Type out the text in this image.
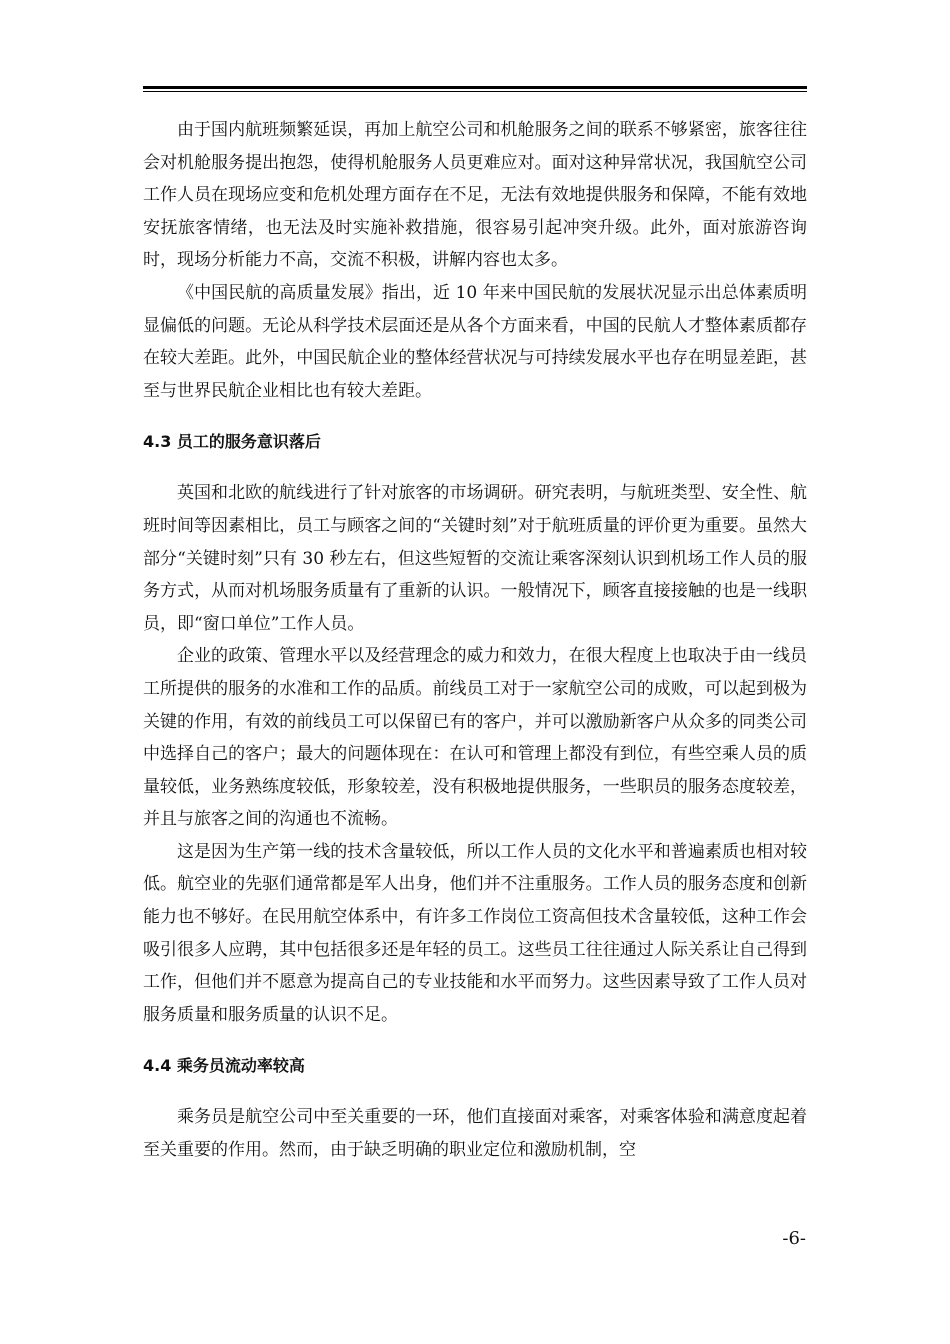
由于国内航班频繁延误，再加上航空公司和机舱服务之间的联系不够紧密，旅客往往会对机舱服务提出抱怨，使得机舱服务人员更难应对。面对这种异常状况，我国航空公司工作人员在现场应变和危机处理方面存在不足，无法有效地提供服务和保障，不能有效地安抚旅客情绪，也无法及时实施补救措施，很容易引起冲突升级。此外，面对旅游咨询时，现场分析能力不高，交流不积极，讲解内容也太多。

《中国民航的高质量发展》指出，近 10 年来中国民航的发展状况显示出总体素质明显偏低的问题。无论从科学技术层面还是从各个方面来看，中国的民航人才整体素质都存在较大差距。此外，中国民航企业的整体经营状况与可持续发展水平也存在明显差距，甚至与世界民航企业相比也有较大差距。

4.3 员工的服务意识落后

英国和北欧的航线进行了针对旅客的市场调研。研究表明，与航班类型、安全性、航班时间等因素相比，员工与顾客之间的“关键时刻”对于航班质量的评价更为重要。虽然大部分“关键时刻”只有 30 秒左右，但这些短暂的交流让乘客深刻认识到机场工作人员的服务方式，从而对机场服务质量有了重新的认识。一般情况下，顾客直接接触的也是一线职员，即“窗口单位”工作人员。

企业的政策、管理水平以及经营理念的威力和效力，在很大程度上也取决于由一线员工所提供的服务的水准和工作的品质。前线员工对于一家航空公司的成败，可以起到极为关键的作用，有效的前线员工可以保留已有的客户，并可以激励新客户从众多的同类公司中选择自己的客户；最大的问题体现在：在认可和管理上都没有到位，有些空乘人员的质量较低，业务熟练度较低，形象较差，没有积极地提供服务，一些职员的服务态度较差，并且与旅客之间的沟通也不流畅。

这是因为生产第一线的技术含量较低，所以工作人员的文化水平和普遍素质也相对较低。航空业的先驱们通常都是军人出身，他们并不注重服务。工作人员的服务态度和创新能力也不够好。在民用航空体系中，有许多工作岗位工资高但技术含量较低，这种工作会吸引很多人应聘，其中包括很多还是年轻的员工。这些员工往往通过人际关系让自己得到工作，但他们并不愿意为提高自己的专业技能和水平而努力。这些因素导致了工作人员对服务质量和服务质量的认识不足。

4.4 乘务员流动率较高

乘务员是航空公司中至关重要的一环，他们直接面对乘客，对乘客体验和满意度起着至关重要的作用。然而，由于缺乏明确的职业定位和激励机制，空

-6-
